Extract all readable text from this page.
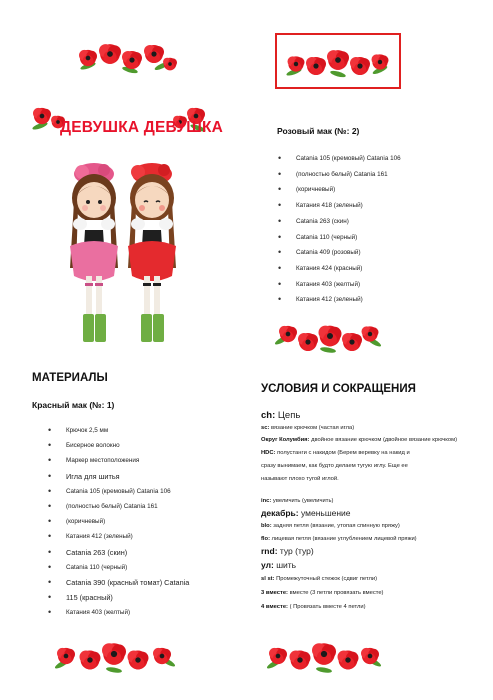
ДЕВУШКА ДЕВУШКА	Розовый мак (№: 2)
• Catania 105 (кремовый) Catania 106
• (полностью белый) Catania 161
• (коричневый)
• Катания 418 (зеленый)
• Catania 263 (скин)
• Catania 110 (черный)
• Catania 409 (розовый)
• Катания 424 (красный)
• Катания 403 (желтый)
• Катания 412 (зеленый)
МАТЕРИАЛЫ
Красный мак (№: 1)
• Крючок 2,5 мм
• Бисерное волокно
• Маркер местоположения
• Игла для шитья
• Catania 105 (кремовый) Catania 106
• (полностью белый) Catania 161
• (коричневый)
• Катания 412 (зеленый)
• Catania 263 (скин)
• Catania 110 (черный)
• Catania 390 (красный томат) Catania
• 115 (красный)
• Катания 403 (желтый)
УСЛОВИЯ И СОКРАЩЕНИЯ

ch: Цепь

sc: вязание крючком (частая игла)

Округ Колумбия: двойное вязание крючком (двойное вязание крючком)

HDC: полустанги с накидом (Берем веревку на накид и

сразу вынимаем, как будто делаем тугую иглу. Еще ее

называют плохо тугой иглой.

inc: увеличить (увеличить)

декабрь: уменьшение

blo: задняя петля (вязание, утопая спинную пряжу)

flo: лицевая петля (вязание углублением лицевой пряжи)

rnd: тур (тур)

ул: шить

sl st: Промежуточный стежок (сдвиг петли)

3 вместе: вместе (3 петли провязать вместе)

4 вместе: ( Провязать вместе 4 петли)
